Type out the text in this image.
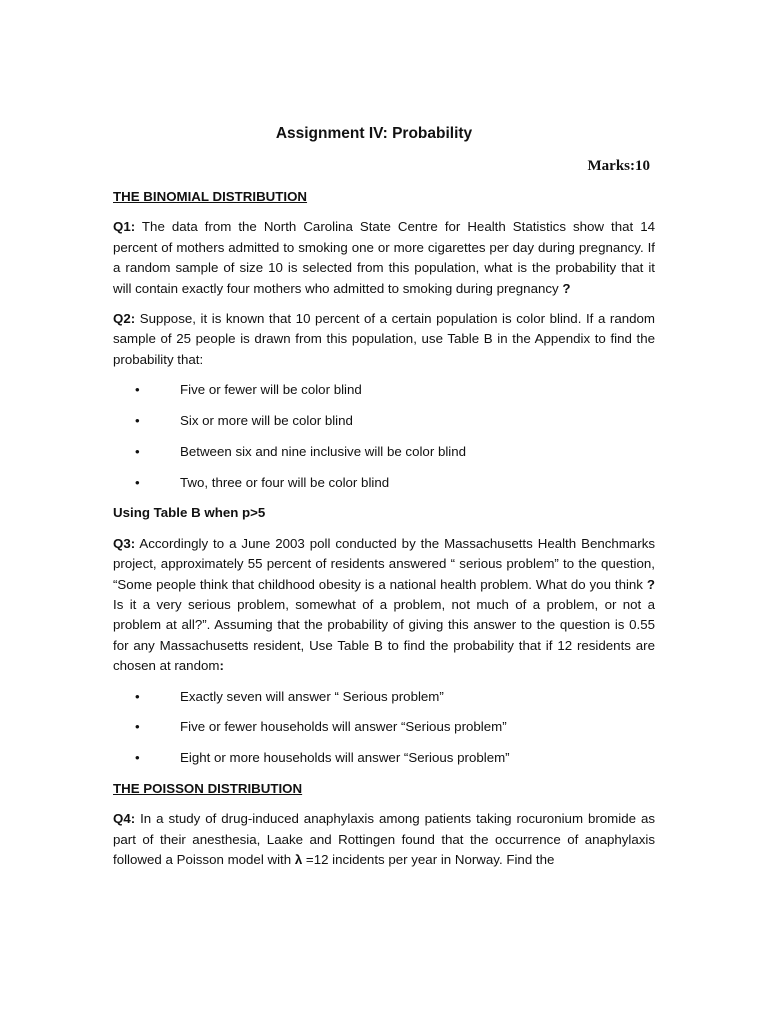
Assignment IV: Probability
Marks:10
THE BINOMIAL DISTRIBUTION

Q1: The data from the North Carolina State Centre for Health Statistics show that 14 percent of mothers admitted to smoking one or more cigarettes per day during pregnancy. If a random sample of size 10 is selected from this population, what is the probability that it will contain exactly four mothers who admitted to smoking during pregnancy ?

Q2: Suppose, it is known that 10 percent of a certain population is color blind. If a random sample of 25 people is drawn from this population, use Table B in the Appendix to find the probability that:

•	Five or fewer will be color blind
•	Six or more will be color blind
•	Between six and nine inclusive will be color blind
•	Two, three or four will be color blind
Using Table B when p>5

Q3: Accordingly to a June 2003 poll conducted by the Massachusetts Health Benchmarks project, approximately 55 percent of residents answered “ serious problem” to the question, “Some people think that childhood obesity is a national health problem. What do you think ? Is it a very serious problem, somewhat of a problem, not much of a problem, or not a problem at all?”. Assuming that the probability of giving this answer to the question is 0.55 for any Massachusetts resident, Use Table B to find the probability that if 12 residents are chosen at random:

•	Exactly seven will answer “ Serious problem”
•	Five or fewer households will answer “Serious problem”
•	Eight or more households will answer “Serious problem”
THE POISSON DISTRIBUTION

Q4: In a study of drug-induced anaphylaxis among patients taking rocuronium bromide as part of their anesthesia, Laake and Rottingen found that the occurrence of anaphylaxis followed a Poisson model with λ =12 incidents per year in Norway. Find the
